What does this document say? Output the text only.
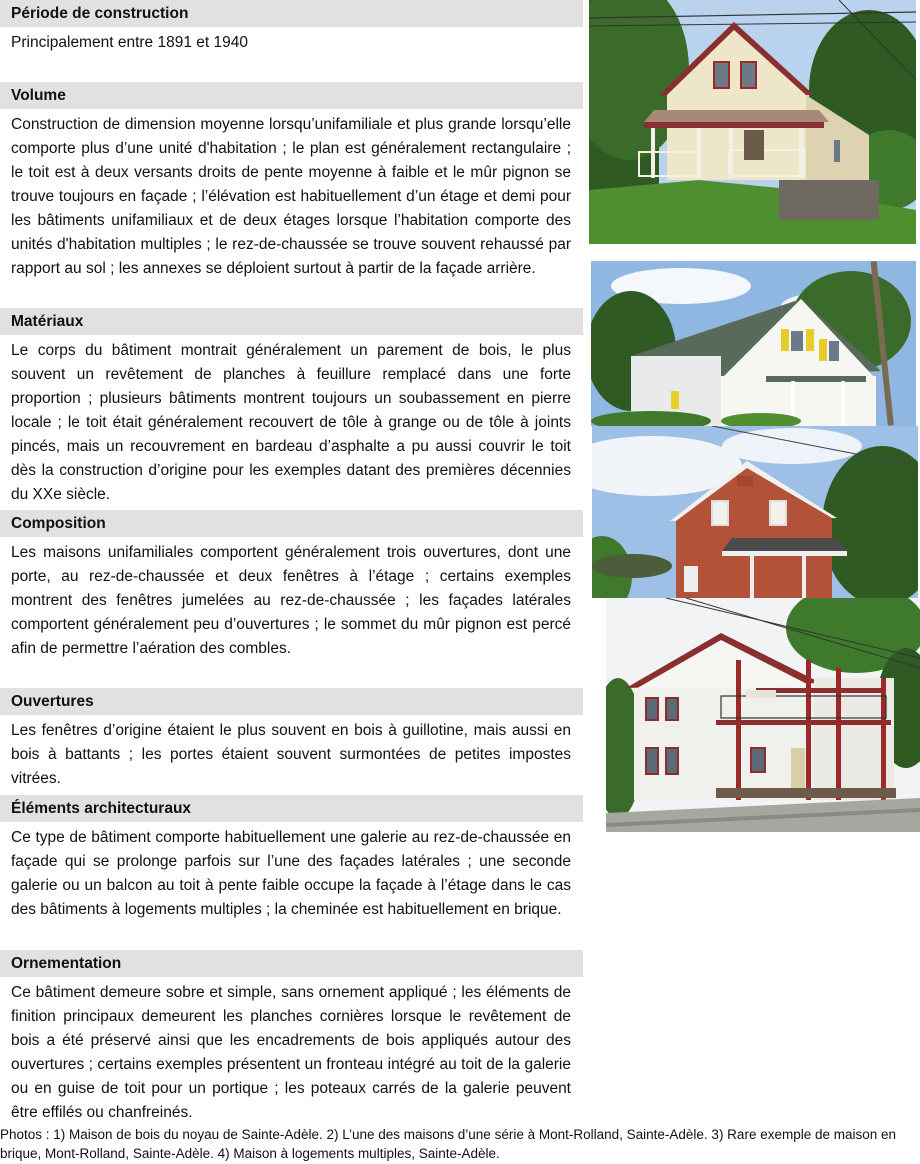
Période de construction

Principalement entre 1891 et 1940

Volume

Construction de dimension moyenne lorsqu’unifamiliale et plus grande lorsqu’elle comporte plus d’une unité d'habitation ; le plan est généralement rectangulaire ; le toit est à deux versants droits de pente moyenne à faible et le mûr pignon se trouve toujours en façade ; l’élévation est habituellement d’un étage et demi pour les bâtiments unifamiliaux et de deux étages lorsque l’habitation comporte des unités d'habitation multiples ; le rez-de-chaussée se trouve souvent rehaussé par rapport au sol ; les annexes se déploient surtout à partir de la façade arrière.

Matériaux

Le corps du bâtiment montrait généralement un parement de bois, le plus souvent un revêtement de planches à feuillure remplacé dans une forte proportion ; plusieurs bâtiments montrent toujours un soubassement en pierre locale ; le toit était généralement recouvert de tôle à grange ou de tôle à joints pincés, mais un recouvrement en bardeau d’asphalte a pu aussi couvrir le toit dès la construction d’origine pour les exemples datant des premières décennies du XXe siècle.

Composition

Les maisons unifamiliales comportent généralement trois ouvertures, dont une porte, au rez-de-chaussée et deux fenêtres à l’étage ; certains exemples montrent des fenêtres jumelées au rez-de-chaussée ; les façades latérales comportent généralement peu d’ouvertures ; le sommet du mûr pignon est percé afin de permettre l’aération des combles.

Ouvertures

Les fenêtres d’origine étaient le plus souvent en bois à guillotine, mais aussi en bois à battants ; les portes étaient souvent surmontées de petites impostes vitrées.

Éléments architecturaux

Ce type de bâtiment comporte habituellement une galerie au rez-de-chaussée en façade qui se prolonge parfois sur l’une des façades latérales ; une seconde galerie ou un balcon au toit à pente faible occupe la façade à l’étage dans le cas des bâtiments à logements multiples ; la cheminée est habituellement en brique.

Ornementation

Ce bâtiment demeure sobre et simple, sans ornement appliqué ; les éléments de finition principaux demeurent les planches cornières lorsque le revêtement de bois a été préservé ainsi que les encadrements de bois appliqués autour des ouvertures ; certains exemples présentent un fronteau intégré au toit de la galerie ou en guise de toit pour un portique ; les poteaux carrés de la galerie peuvent être effilés ou chanfreinés.

Photos : 1) Maison de bois du noyau de Sainte-Adèle. 2) L’une des maisons d’une série à Mont-Rolland, Sainte-Adèle. 3) Rare exemple de maison en brique, Mont-Rolland, Sainte-Adèle. 4) Maison à logements multiples, Sainte-Adèle.
